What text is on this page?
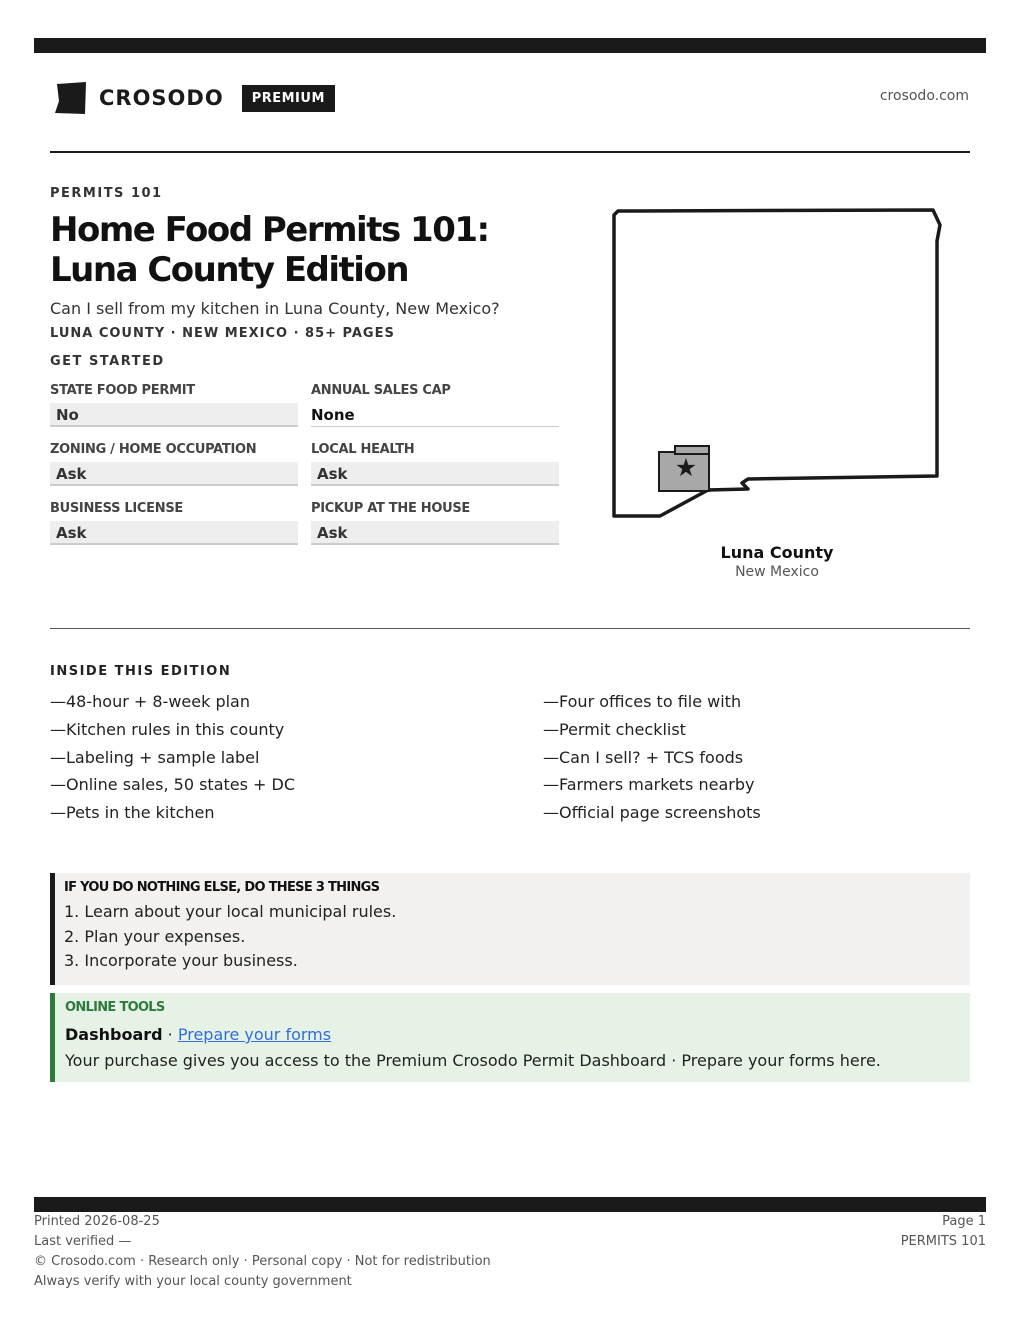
CROSODO	PREMIUM	crosodo.com
PERMITS 101
Home Food Permits 101: Luna County Edition
Can I sell from my kitchen in Luna County, New Mexico?
LUNA COUNTY · NEW MEXICO · 85+ PAGES
GET STARTED
STATE FOOD PERMIT
No
ANNUAL SALES CAP
None
ZONING / HOME OCCUPATION
Ask
LOCAL HEALTH
Ask
BUSINESS LICENSE
Ask
PICKUP AT THE HOUSE
Ask
★
Luna County
New Mexico
INSIDE THIS EDITION
—48-hour + 8-week plan
—Kitchen rules in this county
—Labeling + sample label
—Online sales, 50 states + DC
—Pets in the kitchen
—Four offices to file with
—Permit checklist
—Can I sell? + TCS foods
—Farmers markets nearby
—Official page screenshots
IF YOU DO NOTHING ELSE, DO THESE 3 THINGS
1. Learn about your local municipal rules.
2. Plan your expenses.
3. Incorporate your business.
ONLINE TOOLS
Dashboard · Prepare your forms
Your purchase gives you access to the Premium Crosodo Permit Dashboard · Prepare your forms here.
Printed 2026-08-25
Last verified —
© Crosodo.com · Research only · Personal copy · Not for redistribution
Always verify with your local county government
Page 1
PERMITS 101
